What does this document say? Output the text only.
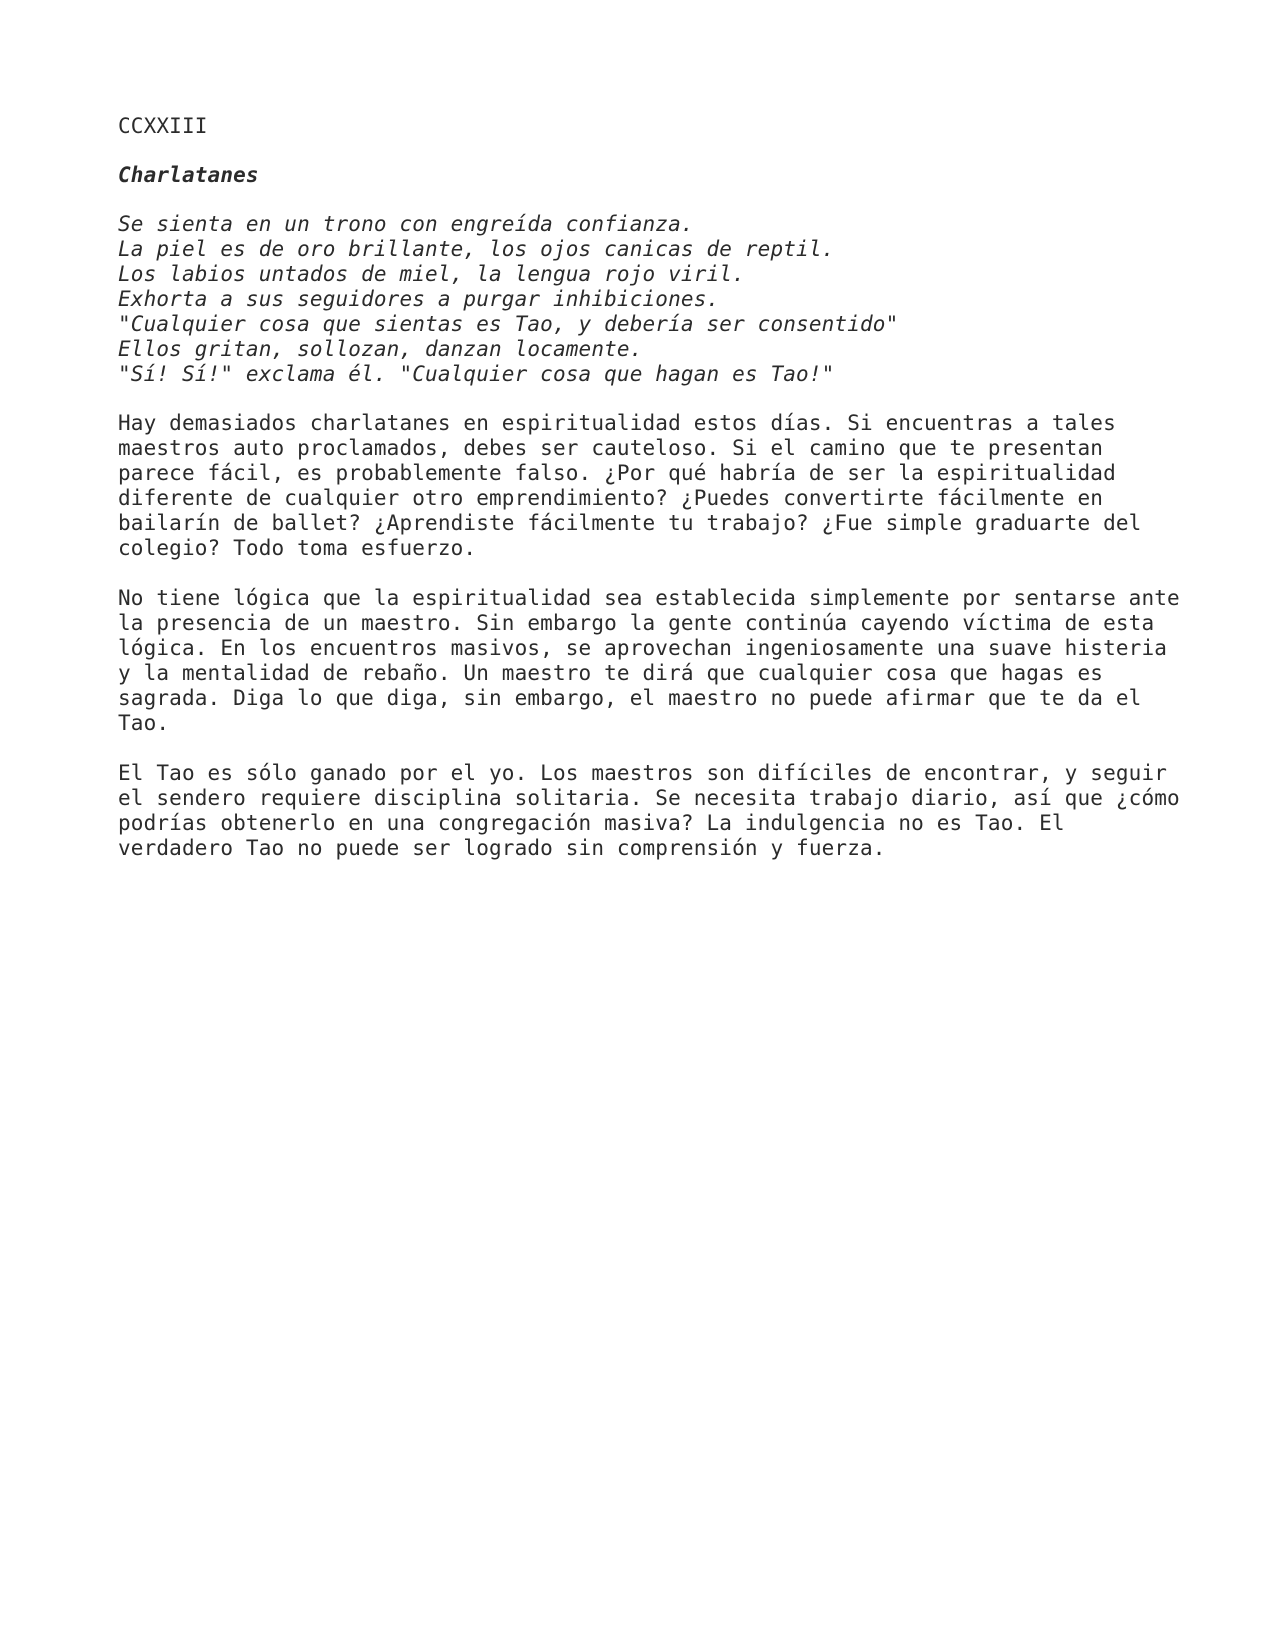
CCXXIII
Charlatanes
Se sienta en un trono con engreída confianza.
La piel es de oro brillante, los ojos canicas de reptil.
Los labios untados de miel, la lengua rojo viril.
Exhorta a sus seguidores a purgar inhibiciones.
"Cualquier cosa que sientas es Tao, y debería ser consentido"
Ellos gritan, sollozan, danzan locamente.
"Sí! Sí!" exclama él. "Cualquier cosa que hagan es Tao!"
Hay demasiados charlatanes en espiritualidad estos días. Si encuentras a tales
maestros auto proclamados, debes ser cauteloso. Si el camino que te presentan
parece fácil, es probablemente falso. ¿Por qué habría de ser la espiritualidad
diferente de cualquier otro emprendimiento? ¿Puedes convertirte fácilmente en
bailarín de ballet? ¿Aprendiste fácilmente tu trabajo? ¿Fue simple graduarte del
colegio? Todo toma esfuerzo.
No tiene lógica que la espiritualidad sea establecida simplemente por sentarse ante
la presencia de un maestro. Sin embargo la gente continúa cayendo víctima de esta
lógica. En los encuentros masivos, se aprovechan ingeniosamente una suave histeria
y la mentalidad de rebaño. Un maestro te dirá que cualquier cosa que hagas es
sagrada. Diga lo que diga, sin embargo, el maestro no puede afirmar que te da el
Tao.
El Tao es sólo ganado por el yo. Los maestros son difíciles de encontrar, y seguir
el sendero requiere disciplina solitaria. Se necesita trabajo diario, así que ¿cómo
podrías obtenerlo en una congregación masiva? La indulgencia no es Tao. El
verdadero Tao no puede ser logrado sin comprensión y fuerza.
